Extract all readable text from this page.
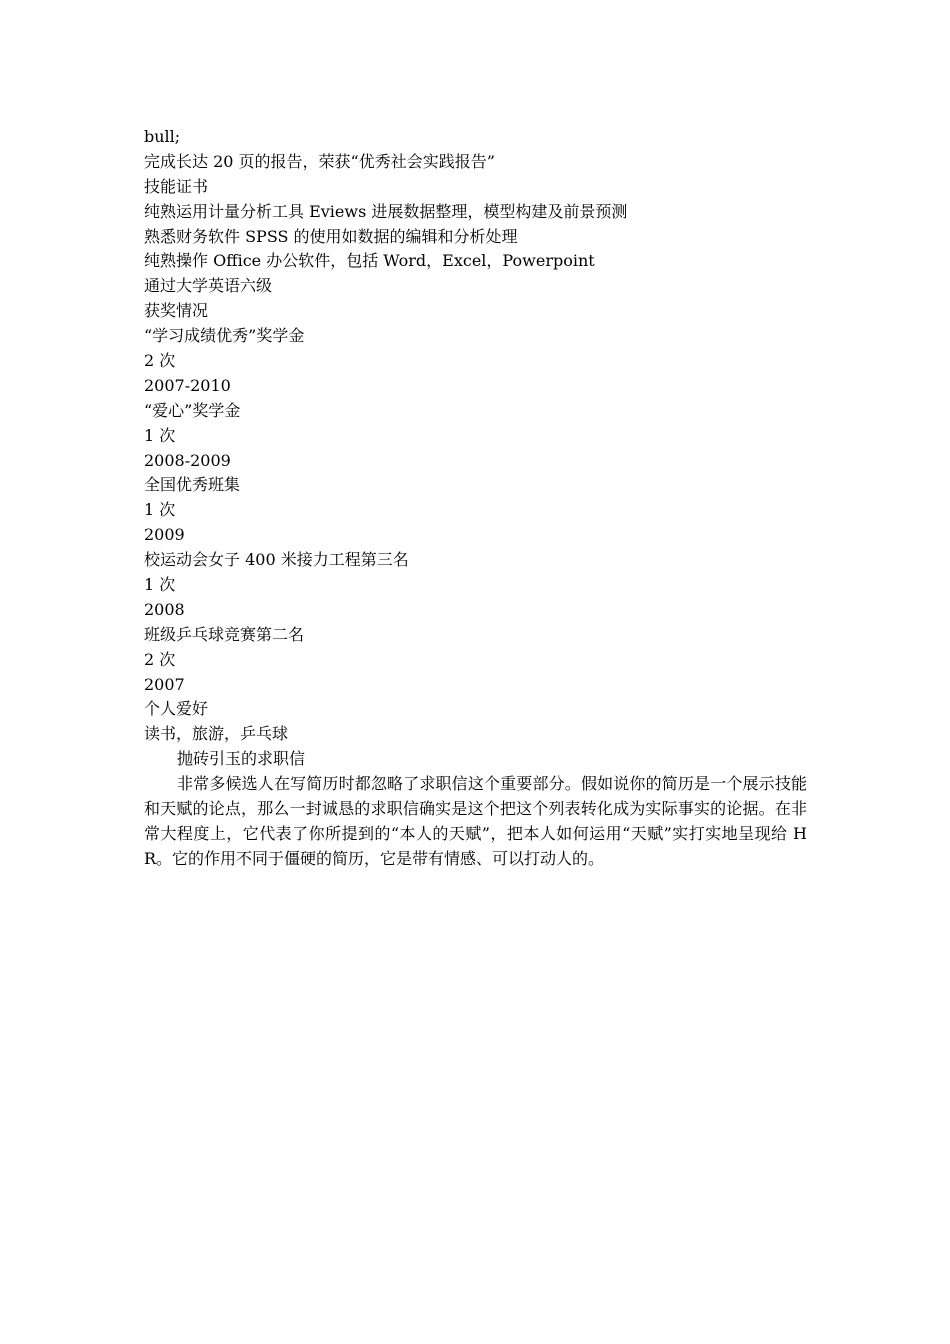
bull;

完成长达 20 页的报告，荣获“优秀社会实践报告”

技能证书

纯熟运用计量分析工具 Eviews 进展数据整理，模型构建及前景预测

熟悉财务软件 SPSS 的使用如数据的编辑和分析处理

纯熟操作 Office 办公软件，包括 Word，Excel，Powerpoint

通过大学英语六级

获奖情况

“学习成绩优秀”奖学金

2 次

2007-2010

“爱心”奖学金

1 次

2008-2009

全国优秀班集

1 次

2009

校运动会女子 400 米接力工程第三名

1 次

2008

班级乒乓球竞赛第二名

2 次

2007

个人爱好

读书，旅游，乒乓球

抛砖引玉的求职信

非常多候选人在写简历时都忽略了求职信这个重要部分。假如说你的简历是一个展示技能和天赋的论点，那么一封诚恳的求职信确实是这个把这个列表转化成为实际事实的论据。在非常大程度上，它代表了你所提到的“本人的天赋”，把本人如何运用“天赋”实打实地呈现给 HR。它的作用不同于僵硬的简历，它是带有情感、可以打动人的。
